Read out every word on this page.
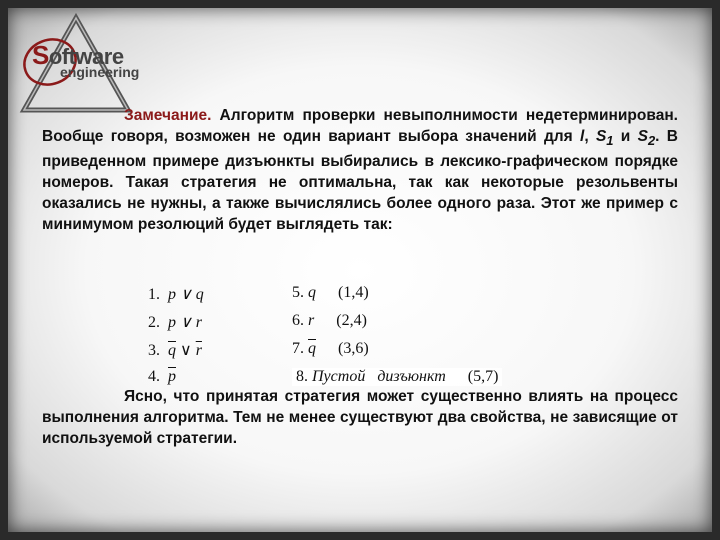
Software
engineering
Замечание. Алгоритм проверки невыполнимости недетерминирован. Вообще говоря, возможен не один вариант выбора значений для l, $S_1$ и $S_2$. В приведенном примере дизъюнкты выбирались в лексико-графическом порядке номеров. Такая стратегия не оптимальна, так как некоторые резольвенты оказались не нужны, а также вычислялись более одного раза. Этот же пример с минимумом резолюций будет выглядеть так:
1. p ∨ q
2. p ∨ r
3. $\overline{q}$ ∨ $\overline{r}$
4. $\overline{p}$
5. q (1,4)
6. r (2,4)
7. $\overline{q}$ (3,6)
8. Пустой   дизъюнкт (5,7)
Ясно, что принятая стратегия может существенно влиять на процесс выполнения алгоритма. Тем не менее существуют два свойства, не зависящие от используемой стратегии.
